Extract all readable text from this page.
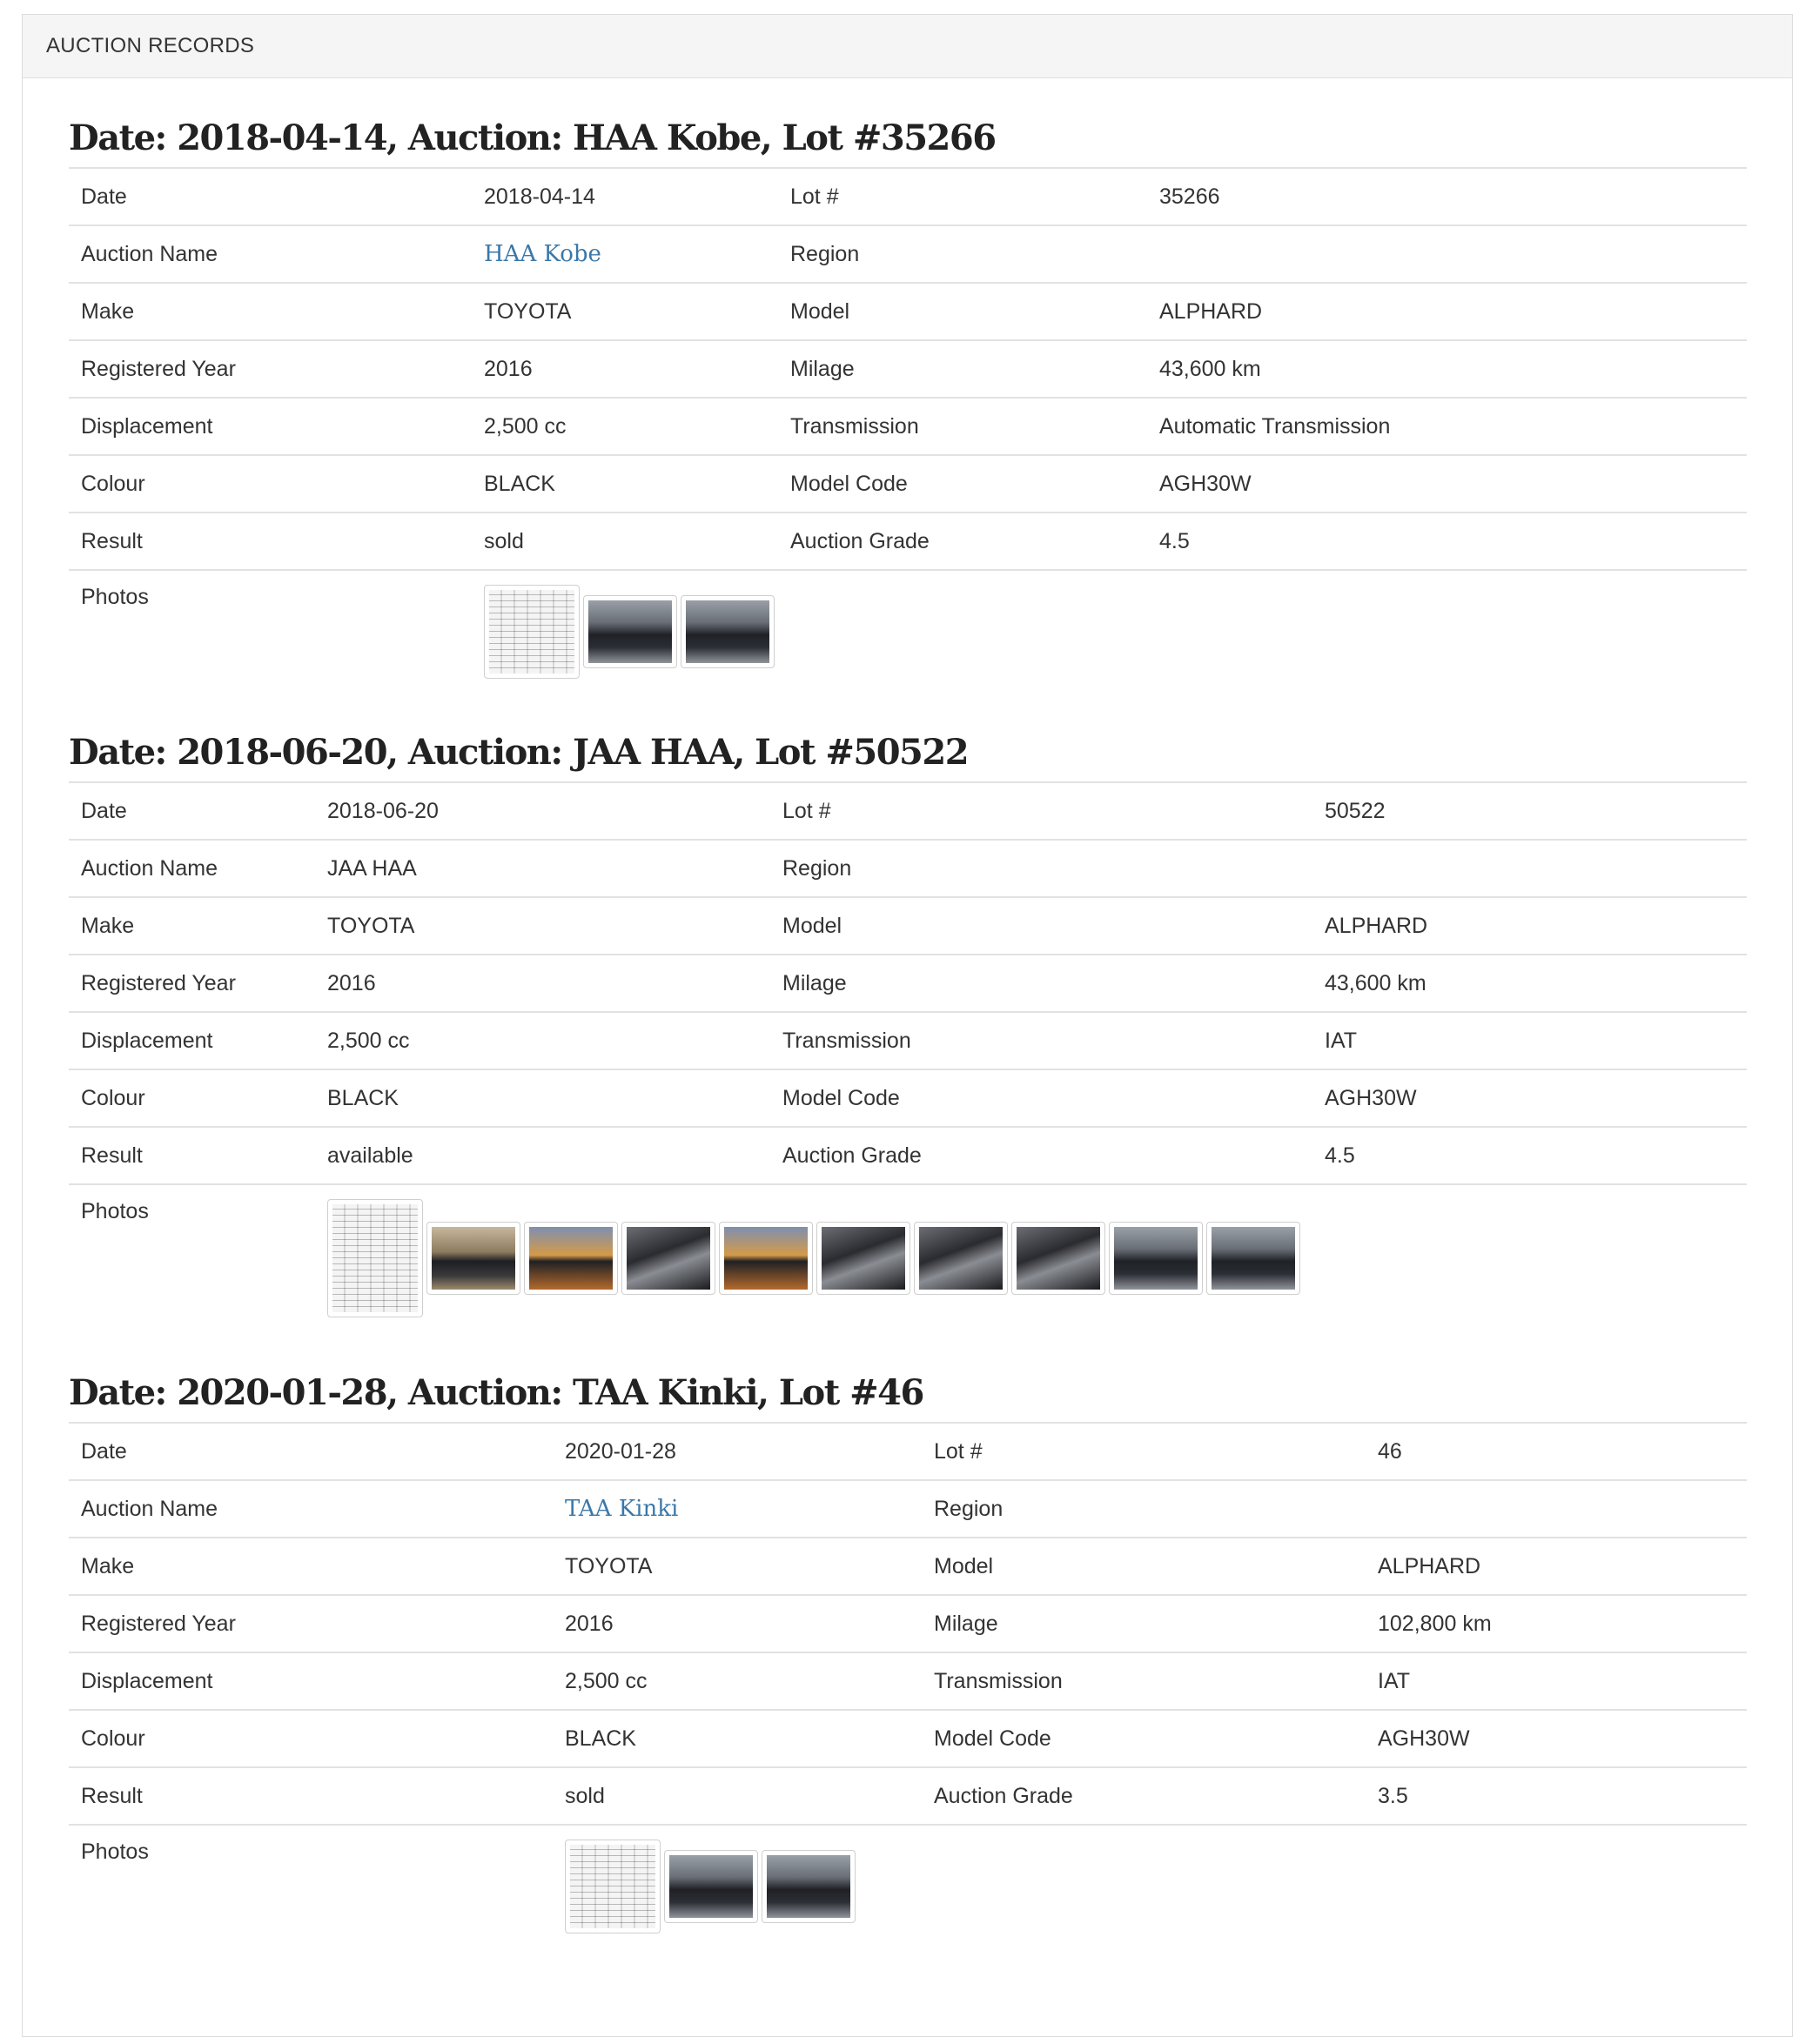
AUCTION RECORDS
Date: 2018-04-14, Auction: HAA Kobe, Lot #35266
Date	2018-04-14	Lot #	35266
Auction Name	HAA Kobe	Region	
Make	TOYOTA	Model	ALPHARD
Registered Year	2016	Milage	43,600 km
Displacement	2,500 cc	Transmission	Automatic Transmission
Colour	BLACK	Model Code	AGH30W
Result	sold	Auction Grade	4.5
Photos			
Date: 2018-06-20, Auction: JAA HAA, Lot #50522
Date	2018-06-20	Lot #	50522
Auction Name	JAA HAA	Region	
Make	TOYOTA	Model	ALPHARD
Registered Year	2016	Milage	43,600 km
Displacement	2,500 cc	Transmission	IAT
Colour	BLACK	Model Code	AGH30W
Result	available	Auction Grade	4.5
Photos			
Date: 2020-01-28, Auction: TAA Kinki, Lot #46
Date	2020-01-28	Lot #	46
Auction Name	TAA Kinki	Region	
Make	TOYOTA	Model	ALPHARD
Registered Year	2016	Milage	102,800 km
Displacement	2,500 cc	Transmission	IAT
Colour	BLACK	Model Code	AGH30W
Result	sold	Auction Grade	3.5
Photos			
